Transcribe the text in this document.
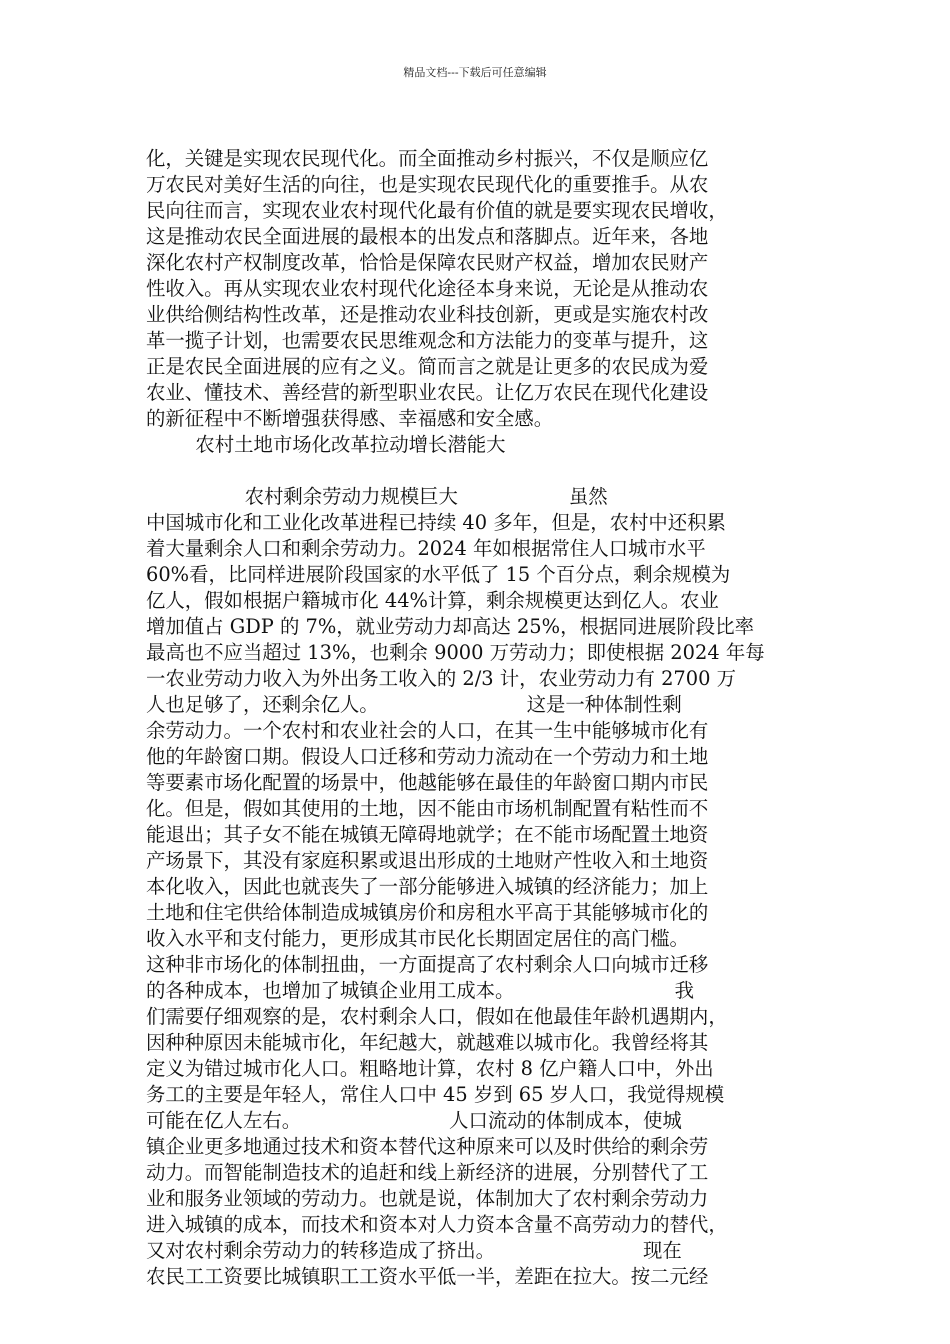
精品文档---下载后可任意编辑
化，关键是实现农民现代化。而全面推动乡村振兴，不仅是顺应亿
万农民对美好生活的向往，也是实现农民现代化的重要推手。从农
民向往而言，实现农业农村现代化最有价值的就是要实现农民增收，
这是推动农民全面进展的最根本的出发点和落脚点。近年来，各地
深化农村产权制度改革，恰恰是保障农民财产权益，增加农民财产
性收入。再从实现农业农村现代化途径本身来说，无论是从推动农
业供给侧结构性改革，还是推动农业科技创新，更或是实施农村改
革一揽子计划，也需要农民思维观念和方法能力的变革与提升，这
正是农民全面进展的应有之义。简而言之就是让更多的农民成为爱
农业、懂技术、善经营的新型职业农民。让亿万农民在现代化建设
的新征程中不断增强获得感、幸福感和安全感。
农村土地市场化改革拉动增长潜能大
农村剩余劳动力规模巨大                  虽然
中国城市化和工业化改革进程已持续 40 多年，但是，农村中还积累
着大量剩余人口和剩余劳动力。2024 年如根据常住人口城市水平
60%看，比同样进展阶段国家的水平低了 15 个百分点，剩余规模为
亿人，假如根据户籍城市化 44%计算，剩余规模更达到亿人。农业
增加值占 GDP 的 7%，就业劳动力却高达 25%，根据同进展阶段比率
最高也不应当超过 13%，也剩余 9000 万劳动力；即使根据 2024 年每
一农业劳动力收入为外出务工收入的 2/3 计，农业劳动力有 2700 万
人也足够了，还剩余亿人。                        这是一种体制性剩
余劳动力。一个农村和农业社会的人口，在其一生中能够城市化有
他的年龄窗口期。假设人口迁移和劳动力流动在一个劳动力和土地
等要素市场化配置的场景中，他越能够在最佳的年龄窗口期内市民
化。但是，假如其使用的土地，因不能由市场机制配置有粘性而不
能退出；其子女不能在城镇无障碍地就学；在不能市场配置土地资
产场景下，其没有家庭积累或退出形成的土地财产性收入和土地资
本化收入，因此也就丧失了一部分能够进入城镇的经济能力；加上
土地和住宅供给体制造成城镇房价和房租水平高于其能够城市化的
收入水平和支付能力，更形成其市民化长期固定居住的高门槛。
这种非市场化的体制扭曲，一方面提高了农村剩余人口向城市迁移
的各种成本，也增加了城镇企业用工成本。                          我
们需要仔细观察的是，农村剩余人口，假如在他最佳年龄机遇期内，
因种种原因未能城市化，年纪越大，就越难以城市化。我曾经将其
定义为错过城市化人口。粗略地计算，农村 8 亿户籍人口中，外出
务工的主要是年轻人，常住人口中 45 岁到 65 岁人口，我觉得规模
可能在亿人左右。                        人口流动的体制成本，使城
镇企业更多地通过技术和资本替代这种原来可以及时供给的剩余劳
动力。而智能制造技术的追赶和线上新经济的进展，分别替代了工
业和服务业领域的劳动力。也就是说，体制加大了农村剩余劳动力
进入城镇的成本，而技术和资本对人力资本含量不高劳动力的替代，
又对农村剩余劳动力的转移造成了挤出。                        现在
农民工工资要比城镇职工工资水平低一半，差距在拉大。按二元经
